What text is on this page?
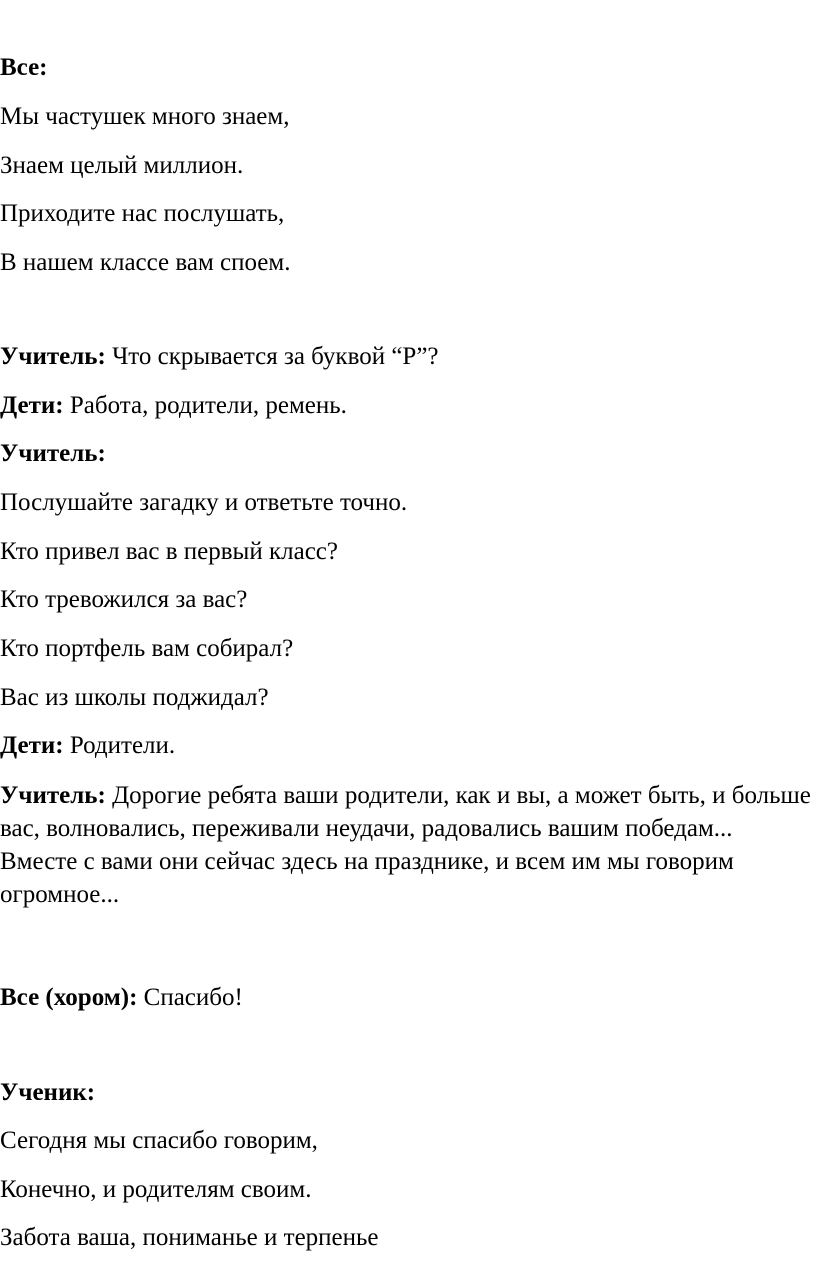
Все:
Мы частушек много знаем,
Знаем целый миллион.
Приходите нас послушать,
В нашем классе вам споем.
Учитель: Что скрывается за буквой “Р”?
Дети: Работа, родители, ремень.
Учитель:
Послушайте загадку и ответьте точно.
Кто привел вас в первый класс?
Кто тревожился за вас?
Кто портфель вам собирал?
Вас из школы поджидал?
Дети: Родители.
Учитель: Дорогие ребята ваши родители, как и вы, а может быть, и больше вас, волновались, переживали неудачи, радовались вашим победам... Вместе с вами они сейчас здесь на празднике, и всем им мы говорим огромное...
Все (хором): Спасибо!
Ученик:
Сегодня мы спасибо говорим,
Конечно, и родителям своим.
Забота ваша, пониманье и терпенье
